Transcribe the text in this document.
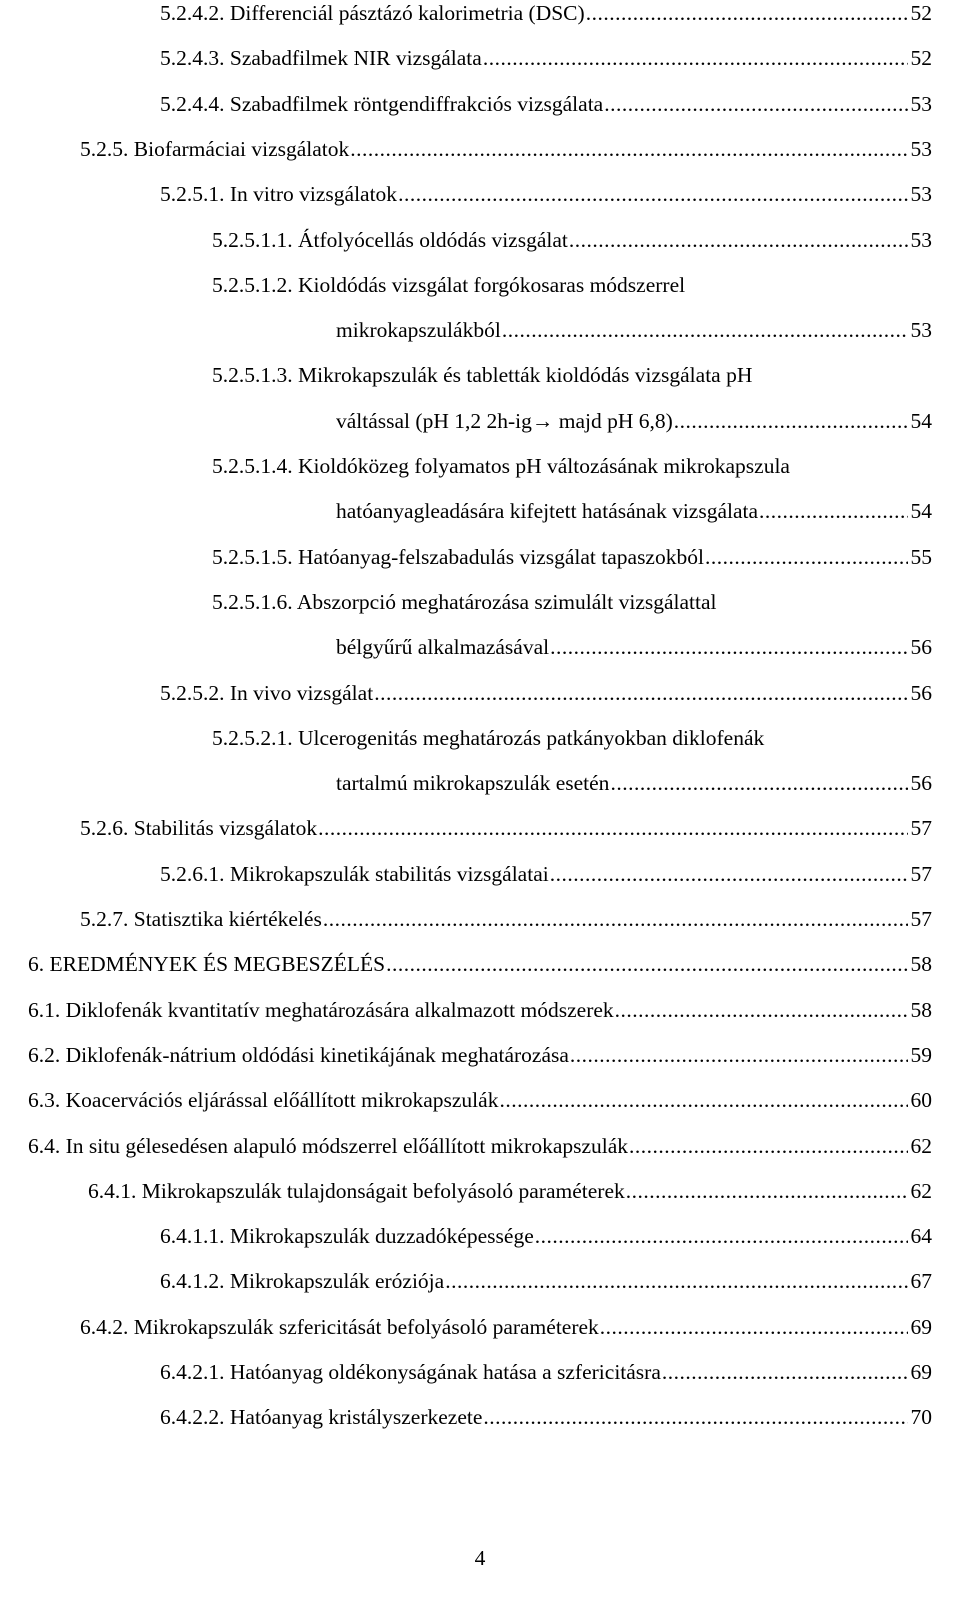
5.2.4.2. Differenciál pásztázó kalorimetria (DSC) .....	52
5.2.4.3. Szabadfilmek NIR vizsgálata .....	52
5.2.4.4. Szabadfilmek röntgendiffrakciós vizsgálata .....	53
5.2.5. Biofarmáciai vizsgálatok .....	53
5.2.5.1. In vitro vizsgálatok .....	53
5.2.5.1.1. Átfolyócellás oldódás vizsgálat .....	53
5.2.5.1.2. Kioldódás vizsgálat forgókosaras módszerrel
mikrokapszulákból .....	53
5.2.5.1.3. Mikrokapszulák és tabletták kioldódás vizsgálata pH
váltással (pH 1,2 2h-ig→ majd pH 6,8) .....	54
5.2.5.1.4. Kioldóközeg folyamatos pH változásának mikrokapszula
hatóanyagleadására kifejtett hatásának vizsgálata .....	54
5.2.5.1.5. Hatóanyag-felszabadulás vizsgálat tapaszokból .....	55
5.2.5.1.6. Abszorpció meghatározása szimulált vizsgálattal
bélgyűrű alkalmazásával .....	56
5.2.5.2. In vivo vizsgálat .....	56
5.2.5.2.1. Ulcerogenitás meghatározás patkányokban diklofenák
tartalmú mikrokapszulák esetén .....	56
5.2.6. Stabilitás vizsgálatok .....	57
5.2.6.1. Mikrokapszulák stabilitás vizsgálatai .....	57
5.2.7. Statisztika kiértékelés .....	57
6. EREDMÉNYEK ÉS MEGBESZÉLÉS .....	58
6.1. Diklofenák kvantitatív meghatározására alkalmazott módszerek .....	58
6.2. Diklofenák-nátrium oldódási kinetikájának meghatározása .....	59
6.3. Koacervációs eljárással előállított mikrokapszulák .....	60
6.4. In situ gélesedésen alapuló módszerrel előállított mikrokapszulák .....	62
6.4.1. Mikrokapszulák tulajdonságait befolyásoló paraméterek .....	62
6.4.1.1. Mikrokapszulák duzzadóképessége .....	64
6.4.1.2. Mikrokapszulák eróziója .....	67
6.4.2. Mikrokapszulák szfericitását befolyásoló paraméterek .....	69
6.4.2.1. Hatóanyag oldékonyságának hatása a szfericitásra .....	69
6.4.2.2. Hatóanyag kristályszerkezete .....	70
4
